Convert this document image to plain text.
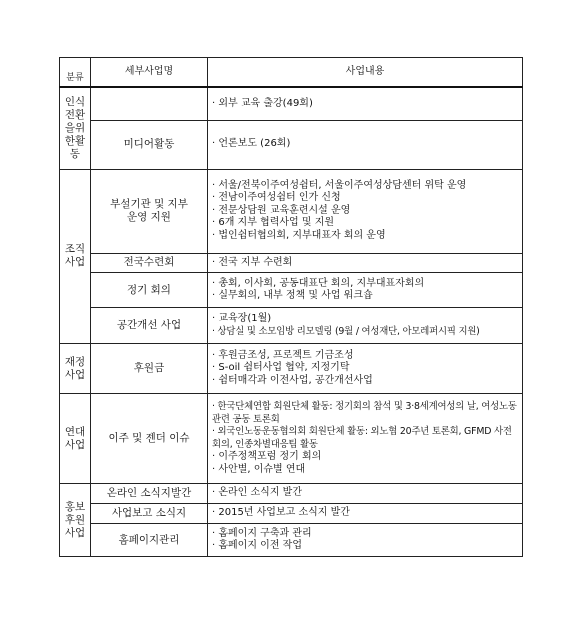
분류	세부사업명	사업내용

인식 전환 을위 한활 동		· 외부 교육 출강(49회)

	미디어활동	· 언론보도 (26회)

조직 사업	부설기관 및 지부 운영 지원	· 서울/전북이주여성쉼터, 서울이주여성상담센터 위탁 운영
· 전남이주여성쉼터 인가 신청
· 전문상담원 교육훈련시설 운영
· 6개 지부 협력사업 및 지원
· 법인쉼터협의회, 지부대표자 회의 운영

	전국수련회	· 전국 지부 수련회

	정기 회의	· 총회, 이사회, 공동대표단 회의, 지부대표자회의
· 실무회의, 내부 정책 및 사업 워크숍

	공간개선 사업	· 교육장(1월)
· 상담실 및 소모임방 리모델링 (9월 / 여성재단, 아모레퍼시픽 지원)

재정 사업	후원금	· 후원금조성, 프로젝트 기금조성
· S-oil 쉼터사업 협약, 지정기탁
· 쉼터매각과 이전사업, 공간개선사업

연대 사업	이주 및 젠더 이슈	· 한국단체연합 회원단체 활동: 정기회의 참석 및 3·8세계여성의 날, 여성노동 관련 공동 토론회
· 외국인노동운동협의회 회원단체 활동: 외노협 20주년 토론회, GFMD 사전회의, 인종차별대응팀 활동
· 이주정책포럼 정기 회의
· 사안별, 이슈별 연대

홍보 후원 사업	온라인 소식지발간	· 온라인 소식지 발간

	사업보고 소식지	· 2015년 사업보고 소식지 발간

	홈페이지관리	· 홈페이지 구축과 관리
· 홈페이지 이전 작업
